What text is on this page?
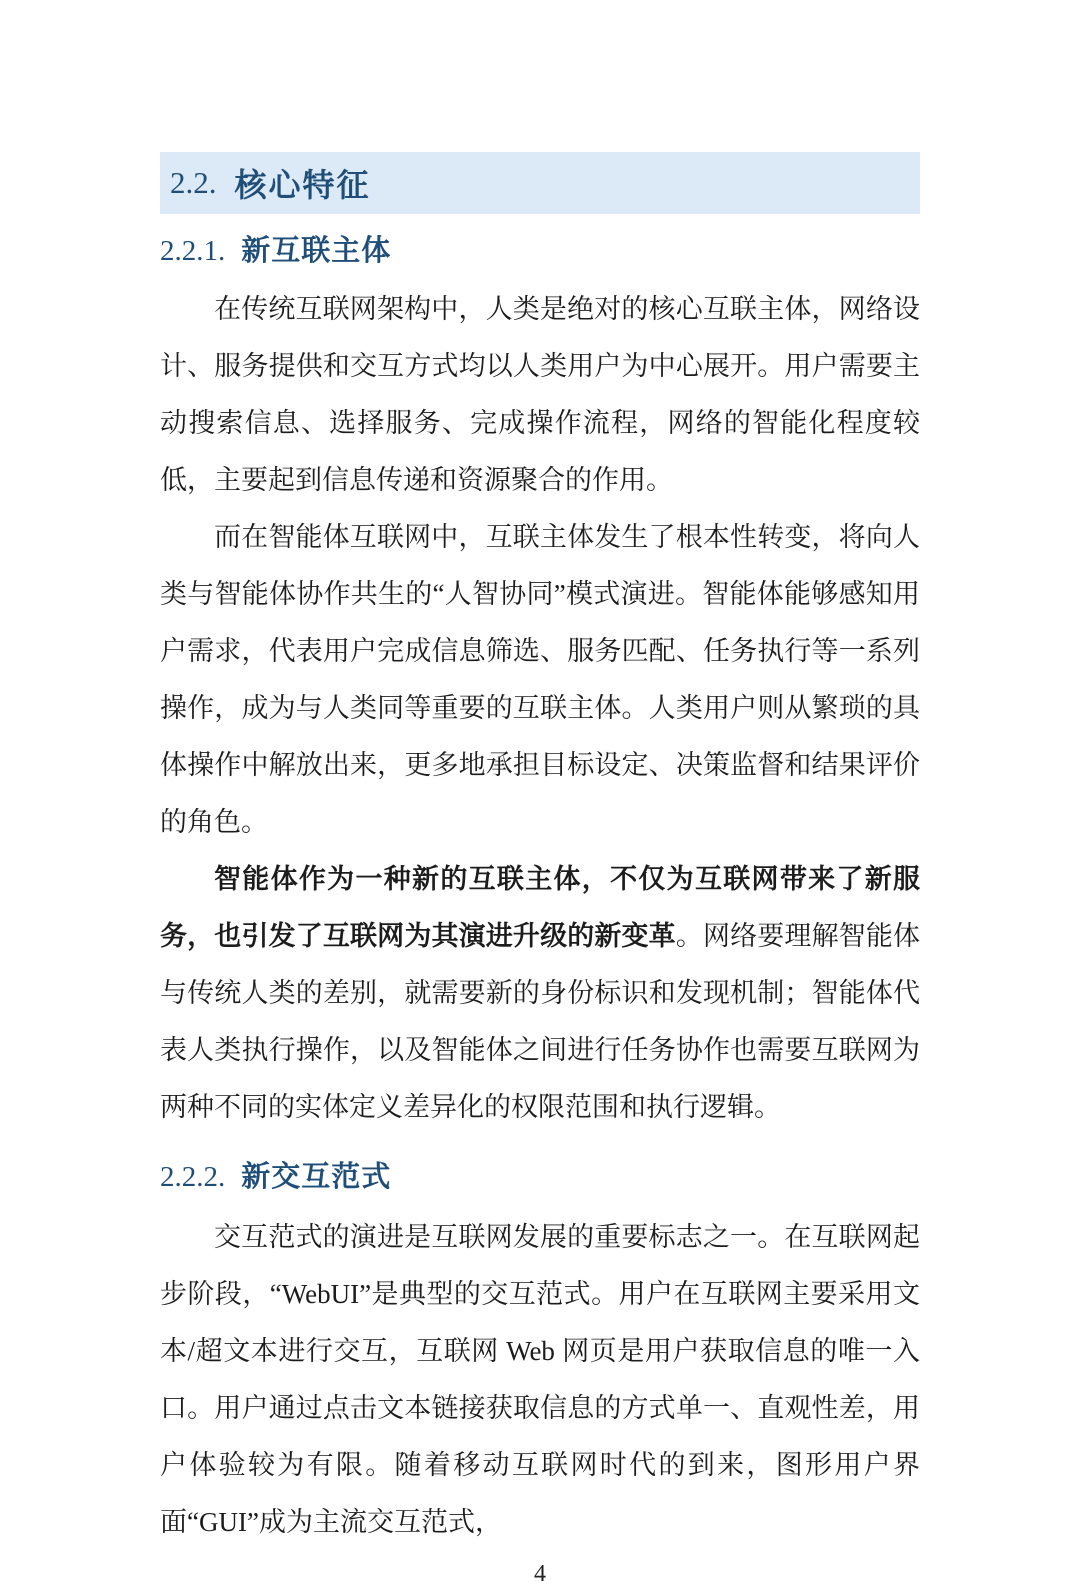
2.2. 核心特征
2.2.1. 新互联主体

在传统互联网架构中，人类是绝对的核心互联主体，网络设计、服务提供和交互方式均以人类用户为中心展开。用户需要主动搜索信息、选择服务、完成操作流程，网络的智能化程度较低，主要起到信息传递和资源聚合的作用。

而在智能体互联网中，互联主体发生了根本性转变，将向人类与智能体协作共生的“人智协同”模式演进。智能体能够感知用户需求，代表用户完成信息筛选、服务匹配、任务执行等一系列操作，成为与人类同等重要的互联主体。人类用户则从繁琐的具体操作中解放出来，更多地承担目标设定、决策监督和结果评价的角色。

智能体作为一种新的互联主体，不仅为互联网带来了新服务，也引发了互联网为其演进升级的新变革。网络要理解智能体与传统人类的差别，就需要新的身份标识和发现机制；智能体代表人类执行操作，以及智能体之间进行任务协作也需要互联网为两种不同的实体定义差异化的权限范围和执行逻辑。

2.2.2. 新交互范式

交互范式的演进是互联网发展的重要标志之一。在互联网起步阶段，“WebUI”是典型的交互范式。用户在互联网主要采用文本/超文本进行交互，互联网 Web 网页是用户获取信息的唯一入口。用户通过点击文本链接获取信息的方式单一、直观性差，用户体验较为有限。随着移动互联网时代的到来，图形用户界面“GUI”成为主流交互范式，

4
